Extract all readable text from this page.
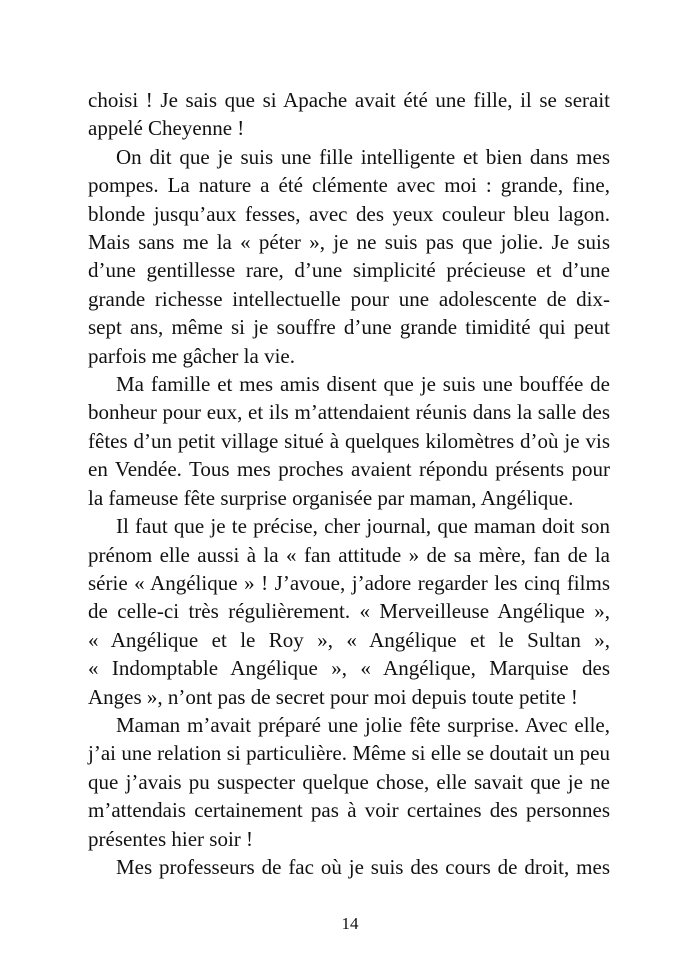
choisi ! Je sais que si Apache avait été une fille, il se serait
appelé Cheyenne !
On dit que je suis une fille intelligente et bien dans mes
pompes. La nature a été clémente avec moi : grande, fine,
blonde jusqu’aux fesses, avec des yeux couleur bleu lagon.
Mais sans me la « péter », je ne suis pas que jolie. Je suis
d’une gentillesse rare, d’une simplicité précieuse et d’une
grande richesse intellectuelle pour une adolescente de dix-
sept ans, même si je souffre d’une grande timidité qui peut
parfois me gâcher la vie.
Ma famille et mes amis disent que je suis une bouffée de
bonheur pour eux, et ils m’attendaient réunis dans la salle des
fêtes d’un petit village situé à quelques kilomètres d’où je vis
en Vendée. Tous mes proches avaient répondu présents pour
la fameuse fête surprise organisée par maman, Angélique.
Il faut que je te précise, cher journal, que maman doit son
prénom elle aussi à la « fan attitude » de sa mère, fan de la
série « Angélique » ! J’avoue, j’adore regarder les cinq films
de celle-ci très régulièrement. « Merveilleuse Angélique »,
« Angélique et le Roy », « Angélique et le Sultan »,
« Indomptable Angélique », « Angélique, Marquise des
Anges », n’ont pas de secret pour moi depuis toute petite !
Maman m’avait préparé une jolie fête surprise. Avec elle,
j’ai une relation si particulière. Même si elle se doutait un peu
que j’avais pu suspecter quelque chose, elle savait que je ne
m’attendais certainement pas à voir certaines des personnes
présentes hier soir !
Mes professeurs de fac où je suis des cours de droit, mes
14
